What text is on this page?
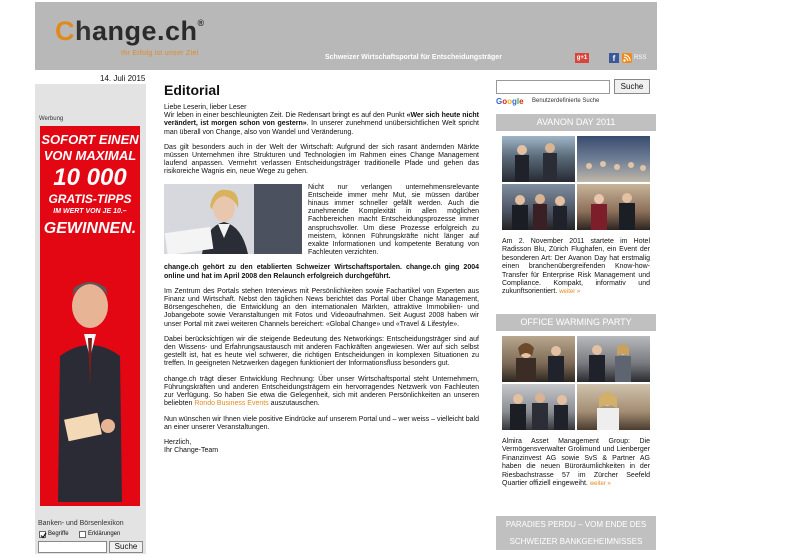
Change.ch®
Ihr Erfolg ist unser Ziel
Schweizer Wirtschaftsportal für Entscheidungsträger	g+1	f	RSS
14. Juli 2015
Werbung
SOFORT EINEN
VON MAXIMAL
10 000
GRATIS-TIPPS
IM WERT VON JE 10.–
GEWINNEN.
Banken- und Börsenlexikon
Begriffe	Erklärungen
Suche
Editorial

Liebe Leserin, lieber Leser

Wir leben in einer beschleunigten Zeit. Die Redensart bringt es auf den Punkt «Wer sich heute nicht verändert, ist morgen schon von gestern». In unserer zunehmend unübersichtlichen Welt spricht man überall von Change, also von Wandel und Veränderung.

Das gilt besonders auch in der Welt der Wirtschaft: Aufgrund der sich rasant ändernden Märkte müssen Unternehmen ihre Strukturen und Technologien im Rahmen eines Change Management laufend anpassen. Vermehrt verlassen Entscheidungsträger traditionelle Pfade und gehen das risikoreiche Wagnis ein, neue Wege zu gehen.

Nicht nur verlangen unternehmensrelevante Entscheide immer mehr Mut, sie müssen darüber hinaus immer schneller gefällt werden. Auch die zunehmende Komplexität in allen möglichen Fachbereichen macht Entscheidungsprozesse immer anspruchsvoller. Um diese Prozesse erfolgreich zu meistern, können Führungskräfte nicht länger auf exakte Informationen und kompetente Beratung von Fachleuten verzichten.

change.ch gehört zu den etablierten Schweizer Wirtschaftsportalen. change.ch ging 2004 online und hat im April 2008 den Relaunch erfolgreich durchgeführt.

Im Zentrum des Portals stehen Interviews mit Persönlichkeiten sowie Fachartikel von Experten aus Finanz und Wirtschaft. Nebst den täglichen News berichtet das Portal über Change Management, Börsengeschehen, die Entwicklung an den internationalen Märkten, attraktive Immobilien- und Jobangebote sowie Veranstaltungen mit Fotos und Videoaufnahmen. Seit August 2008 haben wir unser Portal mit zwei weiteren Channels bereichert: «Global Change» und «Travel & Lifestyle».

Dabei berücksichtigen wir die steigende Bedeutung des Networkings: Entscheidungsträger sind auf den Wissens- und Erfahrungsaustausch mit anderen Fachkräften angewiesen. Wer auf sich selbst gestellt ist, hat es heute viel schwerer, die richtigen Entscheidungen in komplexen Situationen zu treffen. In geeigneten Netzwerken dagegen funktioniert der Informationsfluss besonders gut.

change.ch trägt dieser Entwicklung Rechnung: Über unser Wirtschaftsportal steht Unternehmern, Führungskräften und anderen Entscheidungsträgern ein hervorragendes Netzwerk von Fachleuten zur Verfügung. So haben Sie etwa die Gelegenheit, sich mit anderen Persönlichkeiten an unseren beliebten Rondo Business Events auszutauschen.

Nun wünschen wir Ihnen viele positive Eindrücke auf unserem Portal und – wer weiss – vielleicht bald an einer unserer Veranstaltungen.

Herzlich,
Ihr Change-Team

Suche
Google Benutzerdefinierte Suche
AVANON DAY 2011
Am 2. November 2011 startete im Hotel Radisson Blu, Zürich Flughafen, ein Event der besonderen Art: Der Avanon Day hat erstmalig einen branchenübergreifenden Know-how-Transfer für Enterprise Risk Management und Compliance. Kompakt, informativ und zukunftsorientiert. weiter »
OFFICE WARMING PARTY
Almira Asset Management Group: Die Vermögensverwalter Grolimund und Lienberger Finanzinvest AG sowie SvS & Partner AG haben die neuen Büroräumlichkeiten in der Riesbachstrasse 57 im Zürcher Seefeld Quartier offiziell eingeweiht. weiter »
PARADIES PERDU – VOM ENDE DES
SCHWEIZER BANKGEHEIMNISSES
